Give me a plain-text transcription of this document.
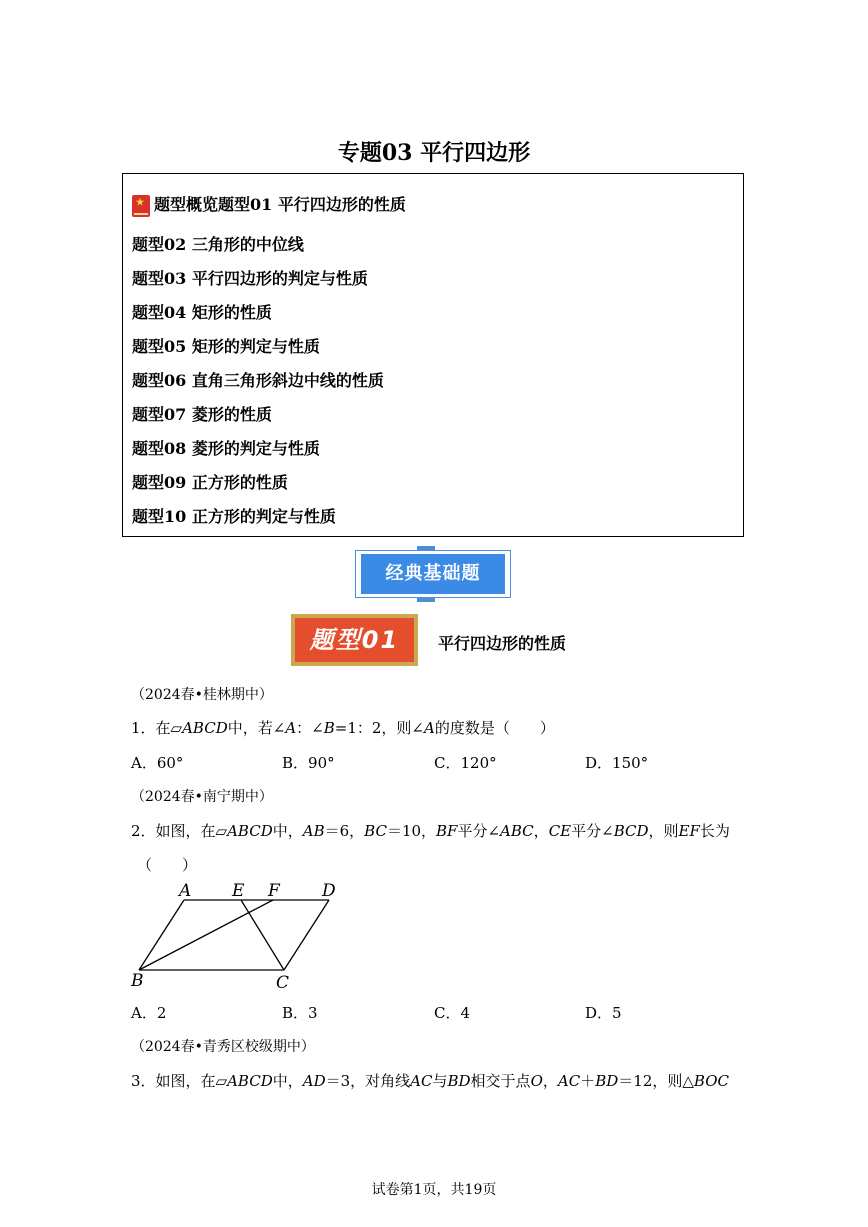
专题03 平行四边形
★题型概览题型01 平行四边形的性质
题型02 三角形的中位线
题型03 平行四边形的判定与性质
题型04 矩形的性质
题型05 矩形的判定与性质
题型06 直角三角形斜边中线的性质
题型07 菱形的性质
题型08 菱形的判定与性质
题型09 正方形的性质
题型10 正方形的判定与性质
经典基础题
题型01	平行四边形的性质
（2024春•桂林期中）
1．在▱ABCD中，若∠A：∠B=1：2，则∠A的度数是（　　）
A．60°	B．90°	C．120°	D．150°
（2024春•南宁期中）
2．如图，在▱ABCD中，AB＝6，BC＝10，BF平分∠ABC，CE平分∠BCD，则EF长为
（　　）
A E F D
B	C
A．2	B．3	C．4	D．5
（2024春•青秀区校级期中）
3．如图，在▱ABCD中，AD＝3，对角线AC与BD相交于点O，AC＋BD＝12，则△BOC
试卷第1页，共19页
